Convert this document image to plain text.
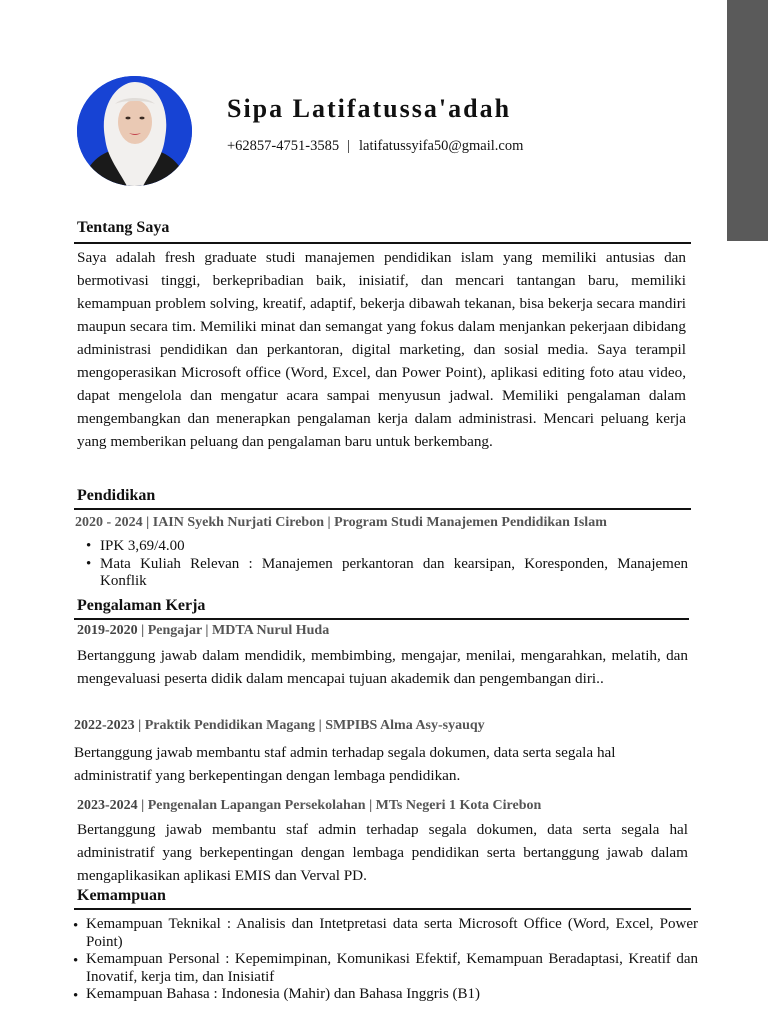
Sipa Latifatussa'adah
+62857-4751-3585 | latifatussyifa50@gmail.com
Tentang Saya

Saya adalah fresh graduate studi manajemen pendidikan islam yang memiliki antusias dan bermotivasi tinggi, berkepribadian baik, inisiatif, dan mencari tantangan baru, memiliki kemampuan problem solving, kreatif, adaptif, bekerja dibawah tekanan, bisa bekerja secara mandiri maupun secara tim. Memiliki minat dan semangat yang fokus dalam menjankan pekerjaan dibidang administrasi pendidikan dan perkantoran, digital marketing, dan sosial media. Saya terampil mengoperasikan Microsoft office (Word, Excel, dan Power Point), aplikasi editing foto atau video, dapat mengelola dan mengatur acara sampai menyusun jadwal. Memiliki pengalaman dalam mengembangkan dan menerapkan pengalaman kerja dalam administrasi. Mencari peluang kerja yang memberikan peluang dan pengalaman baru untuk berkembang.

Pendidikan
2020 - 2024 | IAIN Syekh Nurjati Cirebon | Program Studi Manajemen Pendidikan Islam
• IPK 3,69/4.00
• Mata Kuliah Relevan : Manajemen perkantoran dan kearsipan, Koresponden, Manajemen Konflik
Pengalaman Kerja
2019-2020 | Pengajar | MDTA Nurul Huda

Bertanggung jawab dalam mendidik, membimbing, mengajar, menilai, mengarahkan, melatih, dan mengevaluasi peserta didik dalam mencapai tujuan akademik dan pengembangan diri..

2022-2023 | Praktik Pendidikan Magang | SMPIBS Alma Asy-syauqy

Bertanggung jawab membantu staf admin terhadap segala dokumen, data serta segala hal administratif yang berkepentingan dengan lembaga pendidikan.

2023-2024 | Pengenalan Lapangan Persekolahan | MTs Negeri 1 Kota Cirebon

Bertanggung jawab membantu staf admin terhadap segala dokumen, data serta segala hal administratif yang berkepentingan dengan lembaga pendidikan serta bertanggung jawab dalam mengaplikasikan aplikasi EMIS dan Verval PD.

Kemampuan
• Kemampuan Teknikal : Analisis dan Intetpretasi data serta Microsoft Office (Word, Excel, Power Point)
• Kemampuan Personal : Kepemimpinan, Komunikasi Efektif, Kemampuan Beradaptasi, Kreatif dan Inovatif, kerja tim, dan Inisiatif
• Kemampuan Bahasa : Indonesia (Mahir) dan Bahasa Inggris (B1)
